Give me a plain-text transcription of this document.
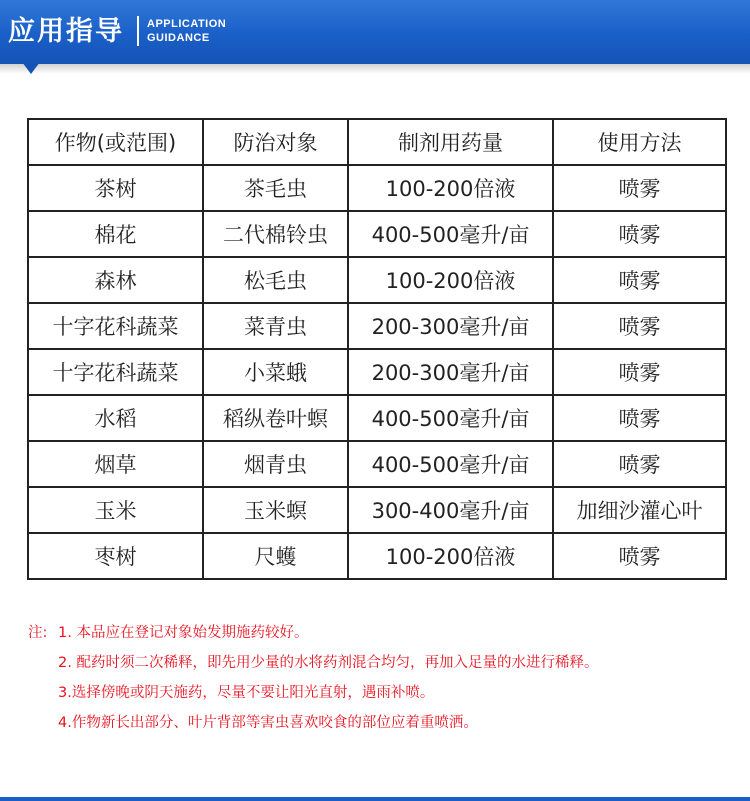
应用指导 APPLICATION
GUIDANCE
作物(或范围)	防治对象	制剂用药量	使用方法
茶树	茶毛虫	100-200倍液	喷雾
棉花	二代棉铃虫	400-500毫升/亩	喷雾
森林	松毛虫	100-200倍液	喷雾
十字花科蔬菜	菜青虫	200-300毫升/亩	喷雾
十字花科蔬菜	小菜蛾	200-300毫升/亩	喷雾
水稻	稻纵卷叶螟	400-500毫升/亩	喷雾
烟草	烟青虫	400-500毫升/亩	喷雾
玉米	玉米螟	300-400毫升/亩	加细沙灌心叶
枣树	尺蠖	100-200倍液	喷雾
注: 1. 本品应在登记对象始发期施药较好。
2. 配药时须二次稀释，即先用少量的水将药剂混合均匀，再加入足量的水进行稀释。
3.选择傍晚或阴天施药，尽量不要让阳光直射，遇雨补喷。
4.作物新长出部分、叶片背部等害虫喜欢咬食的部位应着重喷洒。
